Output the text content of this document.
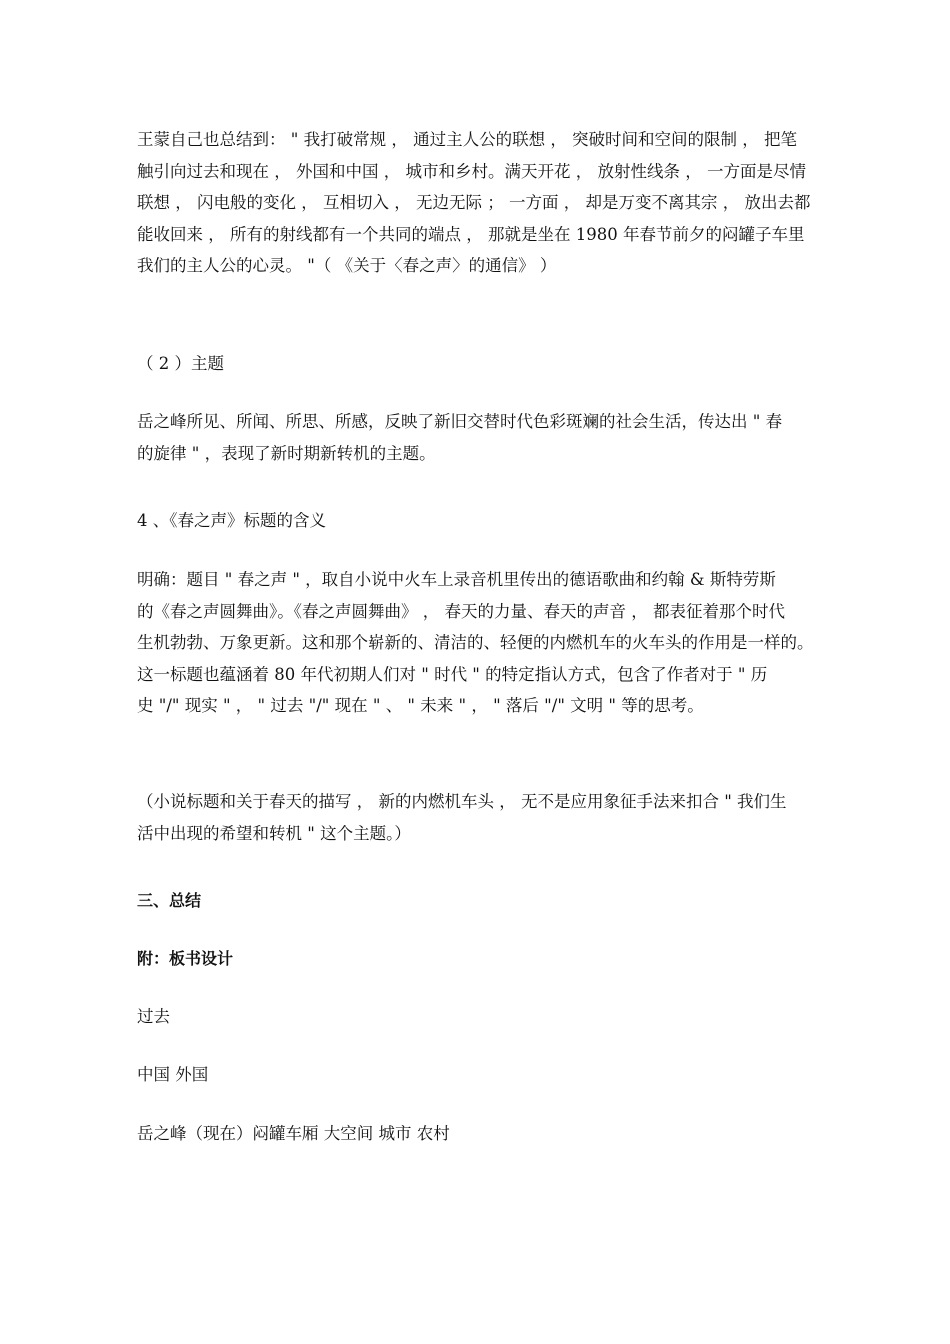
王蒙自己也总结到： " 我打破常规 ， 通过主人公的联想 ， 突破时间和空间的限制 ， 把笔
触引向过去和现在 ， 外国和中国 ， 城市和乡村。满天开花 ， 放射性线条 ， 一方面是尽情
联想 ， 闪电般的变化 ， 互相切入 ， 无边无际 ； 一方面 ， 却是万变不离其宗 ， 放出去都
能收回来 ， 所有的射线都有一个共同的端点 ， 那就是坐在 1980 年春节前夕的闷罐子车里
我们的主人公的心灵。 "（ 《关于〈春之声〉的通信》 ）

（ 2 ）主题

岳之峰所见、所闻、所思、所感，反映了新旧交替时代色彩斑斓的社会生活，传达出 " 春
的旋律 " ，表现了新时期新转机的主题。

4 、《春之声》标题的含义

明确：题目 " 春之声 " ，取自小说中火车上录音机里传出的德语歌曲和约翰 & 斯特劳斯
的《春之声圆舞曲》。《春之声圆舞曲》 ， 春天的力量、春天的声音 ， 都表征着那个时代
生机勃勃、万象更新。这和那个崭新的、清洁的、轻便的内燃机车的火车头的作用是一样的。
这一标题也蕴涵着 80 年代初期人们对 " 时代 " 的特定指认方式，包含了作者对于 " 历
史 "/" 现实 " ， " 过去 "/" 现在 " 、 " 未来 " ， " 落后 "/" 文明 " 等的思考。

（小说标题和关于春天的描写 ， 新的内燃机车头 ， 无不是应用象征手法来扣合 " 我们生
活中出现的希望和转机 " 这个主题。）

三、总结

附：板书设计

过去

中国 外国

岳之峰（现在）闷罐车厢 大空间 城市 农村
